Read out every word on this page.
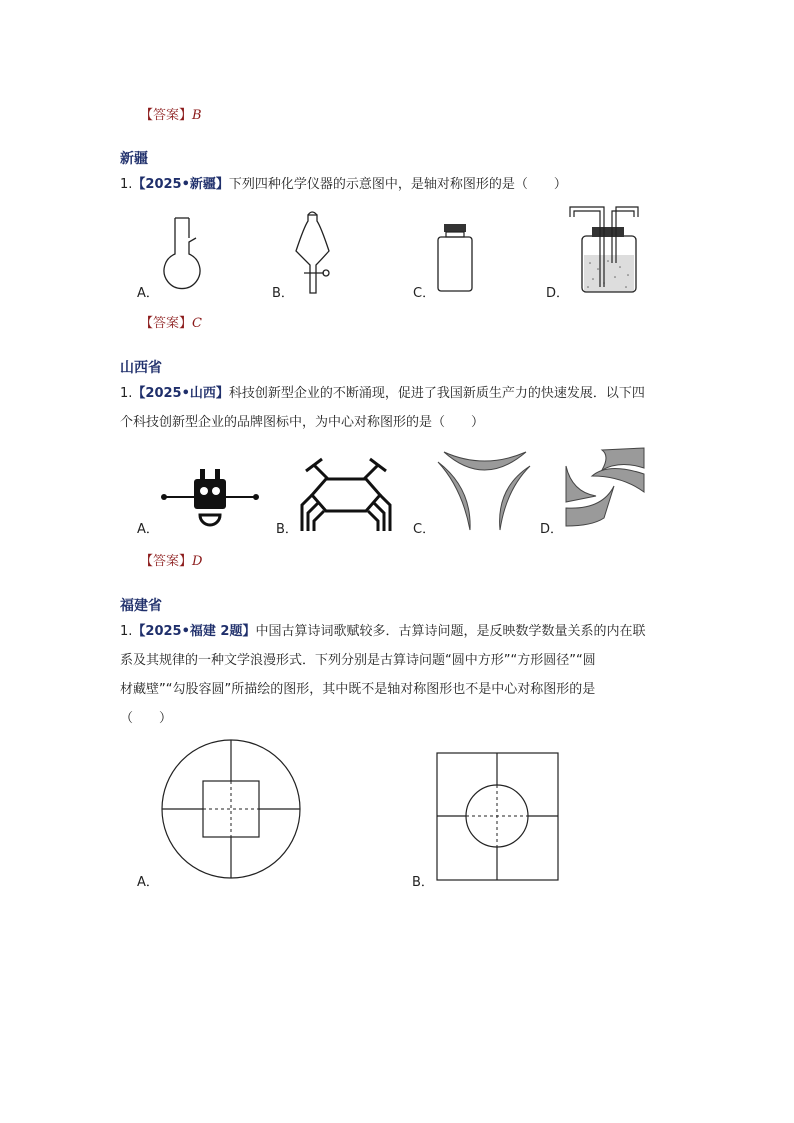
【答案】B
新疆
1.【2025•新疆】下列四种化学仪器的示意图中，是轴对称图形的是（　　）
A．	B．	C．	D．
【答案】C
山西省
1.【2025•山西】科技创新型企业的不断涌现，促进了我国新质生产力的快速发展．以下四
个科技创新型企业的品牌图标中，为中心对称图形的是（　　）
A．	B．	C．	D．
【答案】D
福建省
1.【2025•福建 2题】中国古算诗词歌赋较多．古算诗问题，是反映数学数量关系的内在联
系及其规律的一种文学浪漫形式．下列分别是古算诗问题“圆中方形”“方形圆径”“圆
材藏壁”“勾股容圆”所描绘的图形，其中既不是轴对称图形也不是中心对称图形的是
（　　）
A．	B．
